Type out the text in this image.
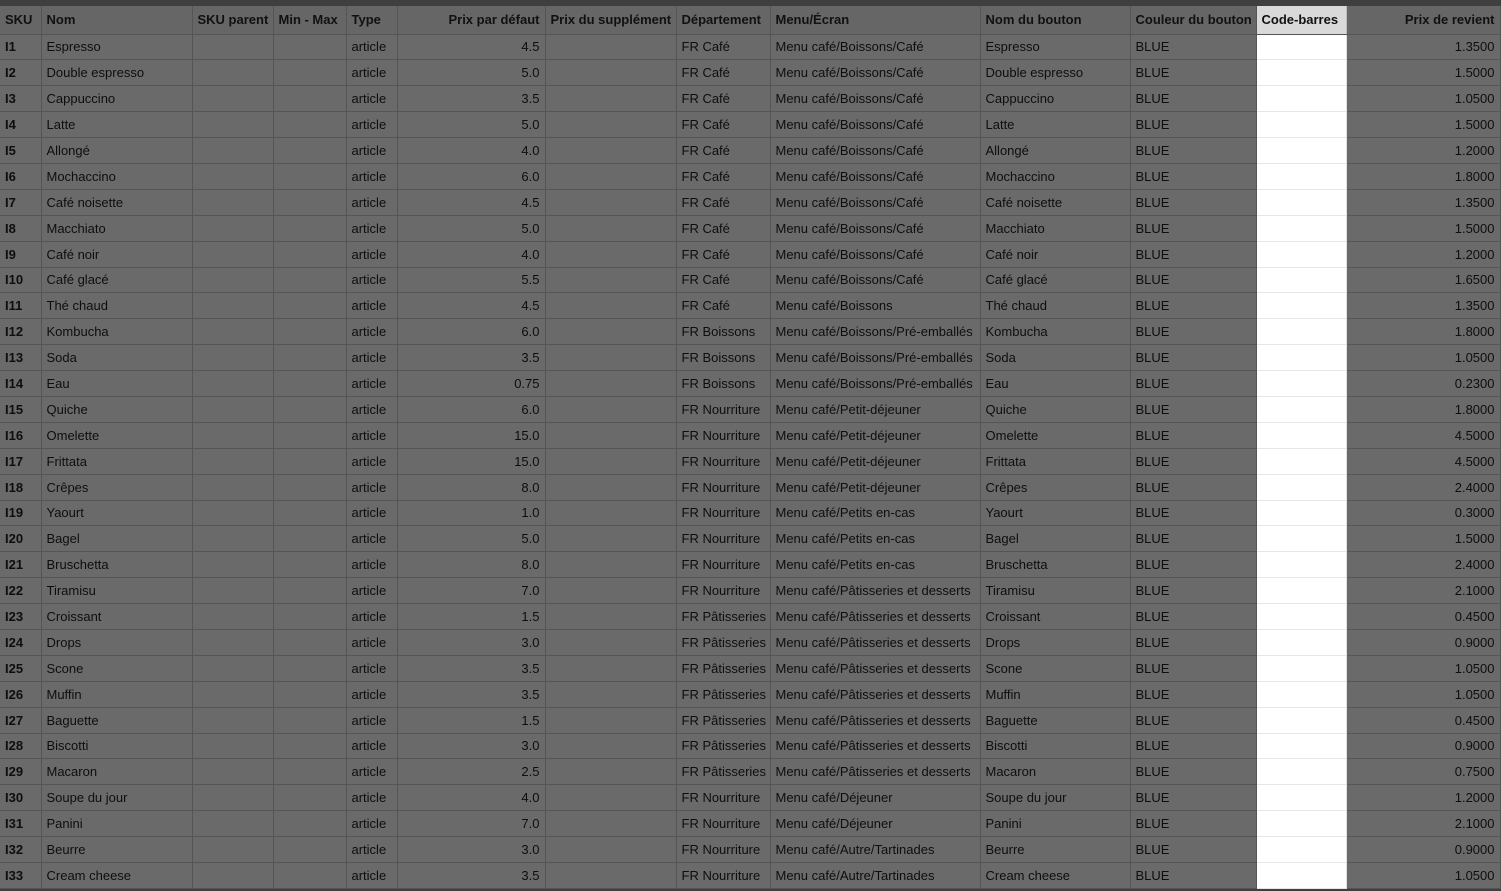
SKU	Nom	SKU parent	Min - Max	Type	Prix par défaut	Prix du supplément	Département	Menu/Écran	Nom du bouton	Couleur du bouton	Code-barres	Prix de revient
I1	Espresso			article	4.5		FR Café	Menu café/Boissons/Café	Espresso	BLUE		1.3500
I2	Double espresso			article	5.0		FR Café	Menu café/Boissons/Café	Double espresso	BLUE		1.5000
I3	Cappuccino			article	3.5		FR Café	Menu café/Boissons/Café	Cappuccino	BLUE		1.0500
I4	Latte			article	5.0		FR Café	Menu café/Boissons/Café	Latte	BLUE		1.5000
I5	Allongé			article	4.0		FR Café	Menu café/Boissons/Café	Allongé	BLUE		1.2000
I6	Mochaccino			article	6.0		FR Café	Menu café/Boissons/Café	Mochaccino	BLUE		1.8000
I7	Café noisette			article	4.5		FR Café	Menu café/Boissons/Café	Café noisette	BLUE		1.3500
I8	Macchiato			article	5.0		FR Café	Menu café/Boissons/Café	Macchiato	BLUE		1.5000
I9	Café noir			article	4.0		FR Café	Menu café/Boissons/Café	Café noir	BLUE		1.2000
I10	Café glacé			article	5.5		FR Café	Menu café/Boissons/Café	Café glacé	BLUE		1.6500
I11	Thé chaud			article	4.5		FR Café	Menu café/Boissons	Thé chaud	BLUE		1.3500
I12	Kombucha			article	6.0		FR Boissons	Menu café/Boissons/Pré-emballés	Kombucha	BLUE		1.8000
I13	Soda			article	3.5		FR Boissons	Menu café/Boissons/Pré-emballés	Soda	BLUE		1.0500
I14	Eau			article	0.75		FR Boissons	Menu café/Boissons/Pré-emballés	Eau	BLUE		0.2300
I15	Quiche			article	6.0		FR Nourriture	Menu café/Petit-déjeuner	Quiche	BLUE		1.8000
I16	Omelette			article	15.0		FR Nourriture	Menu café/Petit-déjeuner	Omelette	BLUE		4.5000
I17	Frittata			article	15.0		FR Nourriture	Menu café/Petit-déjeuner	Frittata	BLUE		4.5000
I18	Crêpes			article	8.0		FR Nourriture	Menu café/Petit-déjeuner	Crêpes	BLUE		2.4000
I19	Yaourt			article	1.0		FR Nourriture	Menu café/Petits en-cas	Yaourt	BLUE		0.3000
I20	Bagel			article	5.0		FR Nourriture	Menu café/Petits en-cas	Bagel	BLUE		1.5000
I21	Bruschetta			article	8.0		FR Nourriture	Menu café/Petits en-cas	Bruschetta	BLUE		2.4000
I22	Tiramisu			article	7.0		FR Nourriture	Menu café/Pâtisseries et desserts	Tiramisu	BLUE		2.1000
I23	Croissant			article	1.5		FR Pâtisseries	Menu café/Pâtisseries et desserts	Croissant	BLUE		0.4500
I24	Drops			article	3.0		FR Pâtisseries	Menu café/Pâtisseries et desserts	Drops	BLUE		0.9000
I25	Scone			article	3.5		FR Pâtisseries	Menu café/Pâtisseries et desserts	Scone	BLUE		1.0500
I26	Muffin			article	3.5		FR Pâtisseries	Menu café/Pâtisseries et desserts	Muffin	BLUE		1.0500
I27	Baguette			article	1.5		FR Pâtisseries	Menu café/Pâtisseries et desserts	Baguette	BLUE		0.4500
I28	Biscotti			article	3.0		FR Pâtisseries	Menu café/Pâtisseries et desserts	Biscotti	BLUE		0.9000
I29	Macaron			article	2.5		FR Pâtisseries	Menu café/Pâtisseries et desserts	Macaron	BLUE		0.7500
I30	Soupe du jour			article	4.0		FR Nourriture	Menu café/Déjeuner	Soupe du jour	BLUE		1.2000
I31	Panini			article	7.0		FR Nourriture	Menu café/Déjeuner	Panini	BLUE		2.1000
I32	Beurre			article	3.0		FR Nourriture	Menu café/Autre/Tartinades	Beurre	BLUE		0.9000
I33	Cream cheese			article	3.5		FR Nourriture	Menu café/Autre/Tartinades	Cream cheese	BLUE		1.0500
